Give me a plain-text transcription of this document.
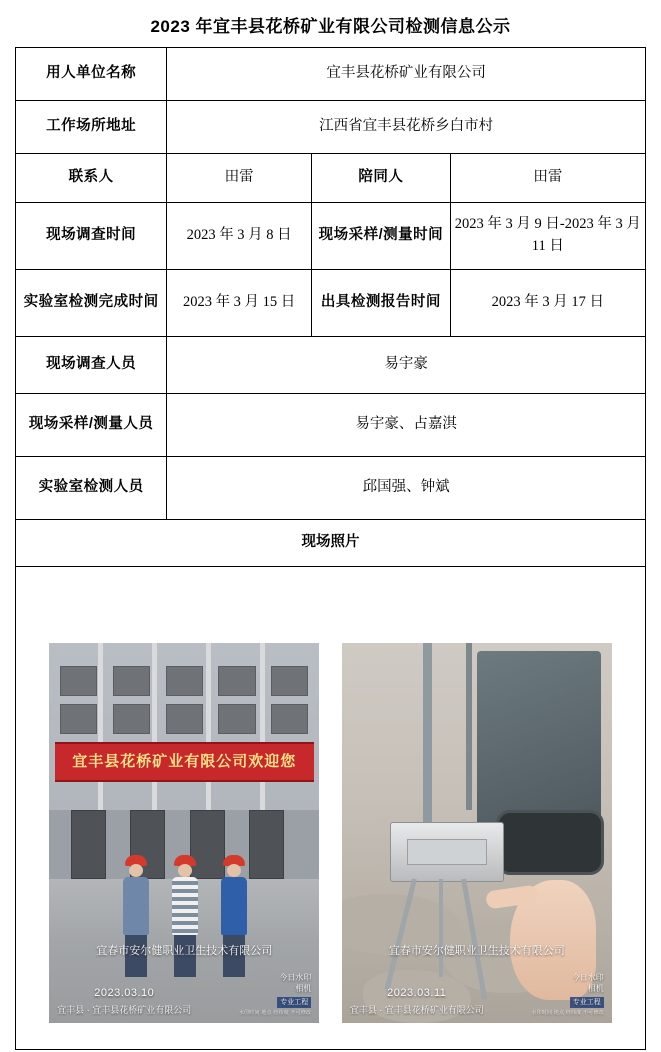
2023 年宜丰县花桥矿业有限公司检测信息公示
用人单位名称	宜丰县花桥矿业有限公司		
工作场所地址	江西省宜丰县花桥乡白市村		
联系人	田雷	陪同人	田雷
现场调查时间	2023 年 3 月 8 日	现场采样/测量时间	2023 年 3 月 9 日-2023 年 3 月 11 日
实验室检测完成时间	2023 年 3 月 15 日	出具检测报告时间	2023 年 3 月 17 日
现场调查人员	易宇豪		
现场采样/测量人员	易宇豪、占嘉淇		
实验室检测人员	邱国强、钟斌		
现场照片			

宜丰县花桥矿业有限公司欢迎您
宜春市安尔健职业卫生技术有限公司
2023.03.10
宜丰县 · 宜丰县花桥矿业有限公司
今日水印
相机
专业工程
水印时间 地点 经纬度 不可修改
宜春市安尔健职业卫生技术有限公司
2023.03.11
宜丰县 · 宜丰县花桥矿业有限公司
今日水印
相机
专业工程
水印时间 地点 经纬度 不可修改
